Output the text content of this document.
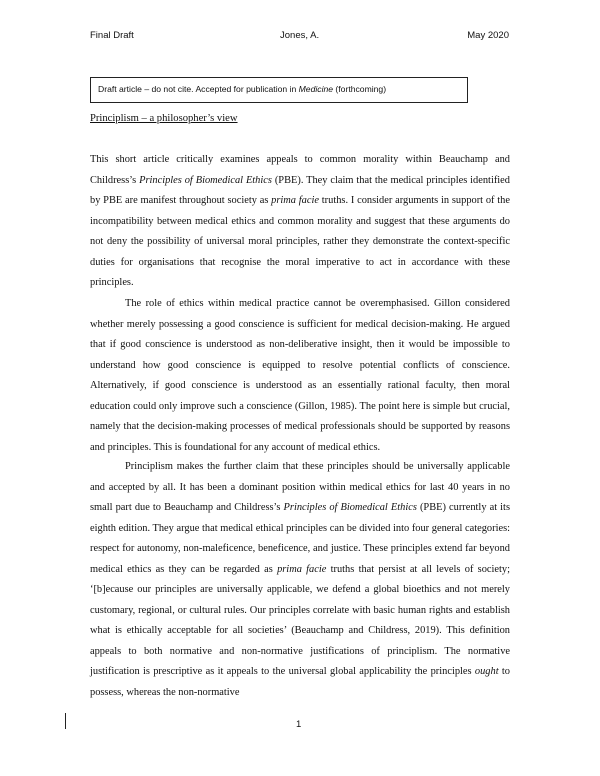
Final Draft	Jones, A.	May 2020
Draft article – do not cite. Accepted for publication in Medicine (forthcoming)
Principlism – a philosopher’s view

This short article critically examines appeals to common morality within Beauchamp and Childress’s Principles of Biomedical Ethics (PBE). They claim that the medical principles identified by PBE are manifest throughout society as prima facie truths. I consider arguments in support of the incompatibility between medical ethics and common morality and suggest that these arguments do not deny the possibility of universal moral principles, rather they demonstrate the context-specific duties for organisations that recognise the moral imperative to act in accordance with these principles.

The role of ethics within medical practice cannot be overemphasised. Gillon considered whether merely possessing a good conscience is sufficient for medical decision-making. He argued that if good conscience is understood as non-deliberative insight, then it would be impossible to understand how good conscience is equipped to resolve potential conflicts of conscience. Alternatively, if good conscience is understood as an essentially rational faculty, then moral education could only improve such a conscience (Gillon, 1985). The point here is simple but crucial, namely that the decision-making processes of medical professionals should be supported by reasons and principles. This is foundational for any account of medical ethics.

Principlism makes the further claim that these principles should be universally applicable and accepted by all. It has been a dominant position within medical ethics for last 40 years in no small part due to Beauchamp and Childress’s Principles of Biomedical Ethics (PBE) currently at its eighth edition. They argue that medical ethical principles can be divided into four general categories: respect for autonomy, non-maleficence, beneficence, and justice. These principles extend far beyond medical ethics as they can be regarded as prima facie truths that persist at all levels of society; ‘[b]ecause our principles are universally applicable, we defend a global bioethics and not merely customary, regional, or cultural rules. Our principles correlate with basic human rights and establish what is ethically acceptable for all societies’ (Beauchamp and Childress, 2019). This definition appeals to both normative and non-normative justifications of principlism. The normative justification is prescriptive as it appeals to the universal global applicability the principles ought to possess, whereas the non-normative

1
